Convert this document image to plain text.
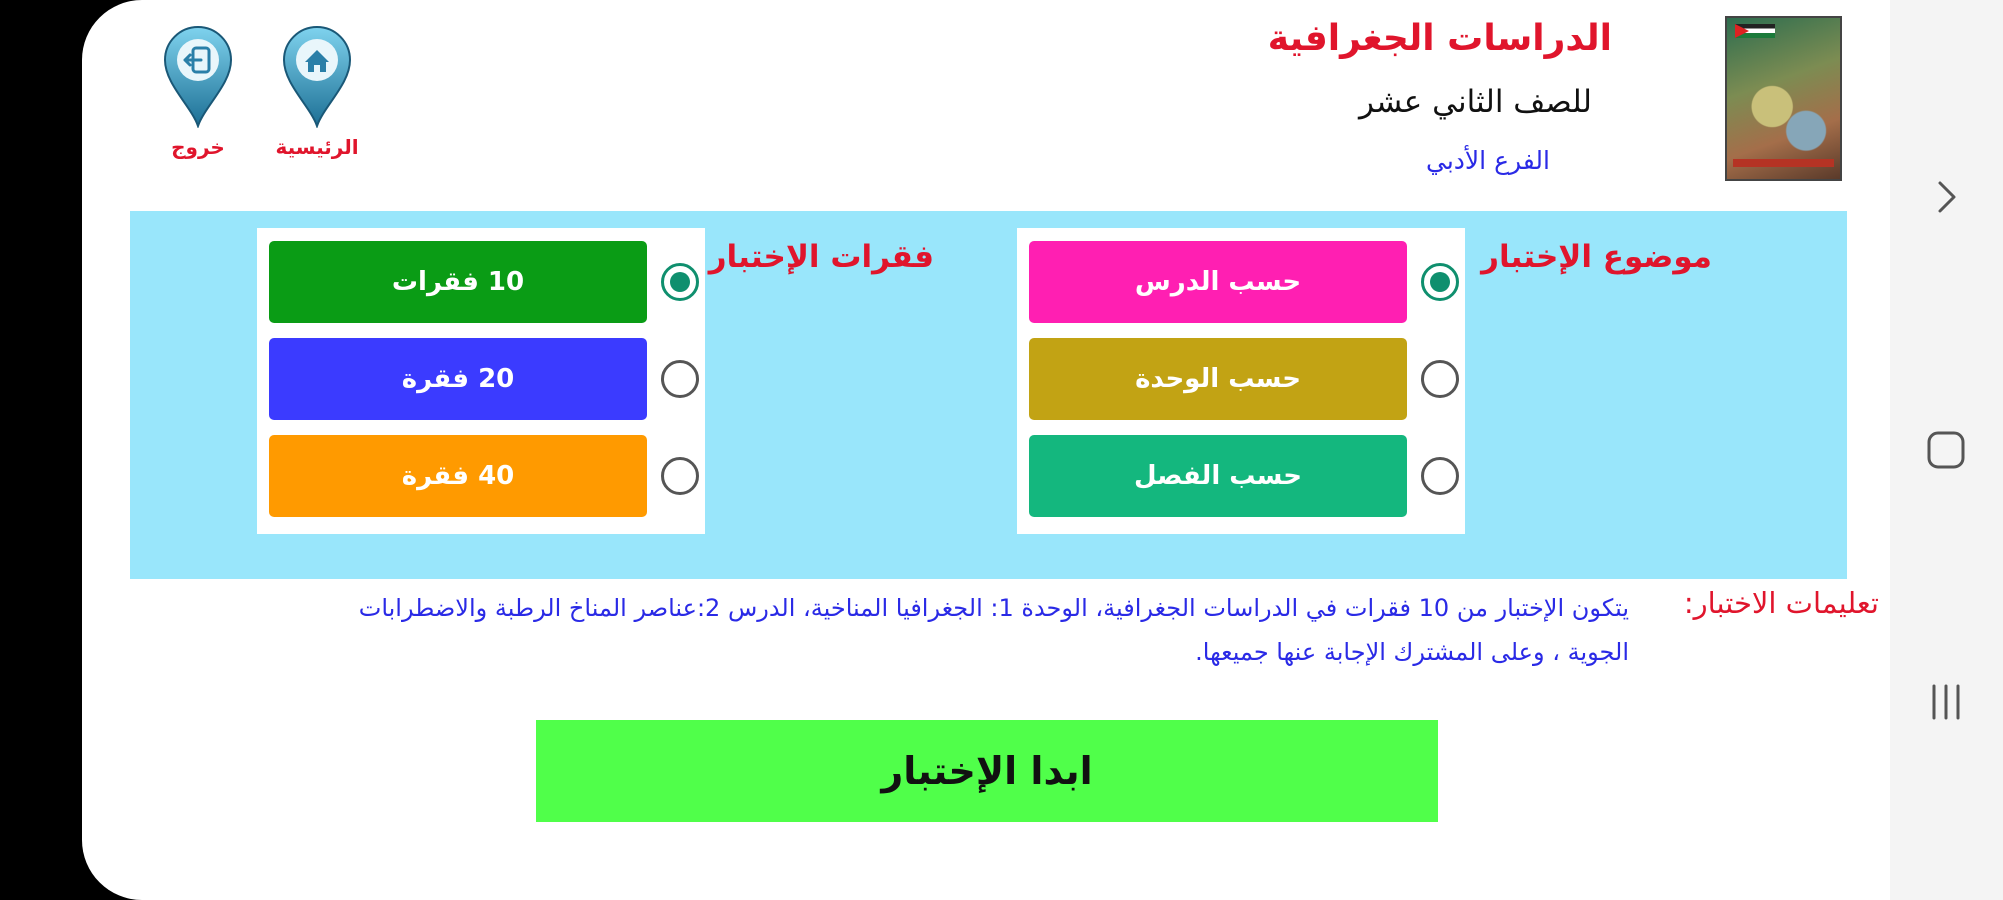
الدراسات الجغرافية
للصف الثاني عشر
الفرع الأدبي
الرئيسية
خروج
موضوع الإختبار
فقرات الإختبار
حسب الدرس
حسب الوحدة
حسب الفصل
10 فقرات
20 فقرة
40 فقرة
تعليمات الاختبار:
يتكون الإختبار من 10 فقرات في الدراسات الجغرافية، الوحدة 1: الجغرافيا المناخية، الدرس 2:عناصر المناخ الرطبة والاضطرابات الجوية ، وعلى المشترك الإجابة عنها جميعها.
ابدا الإختبار
